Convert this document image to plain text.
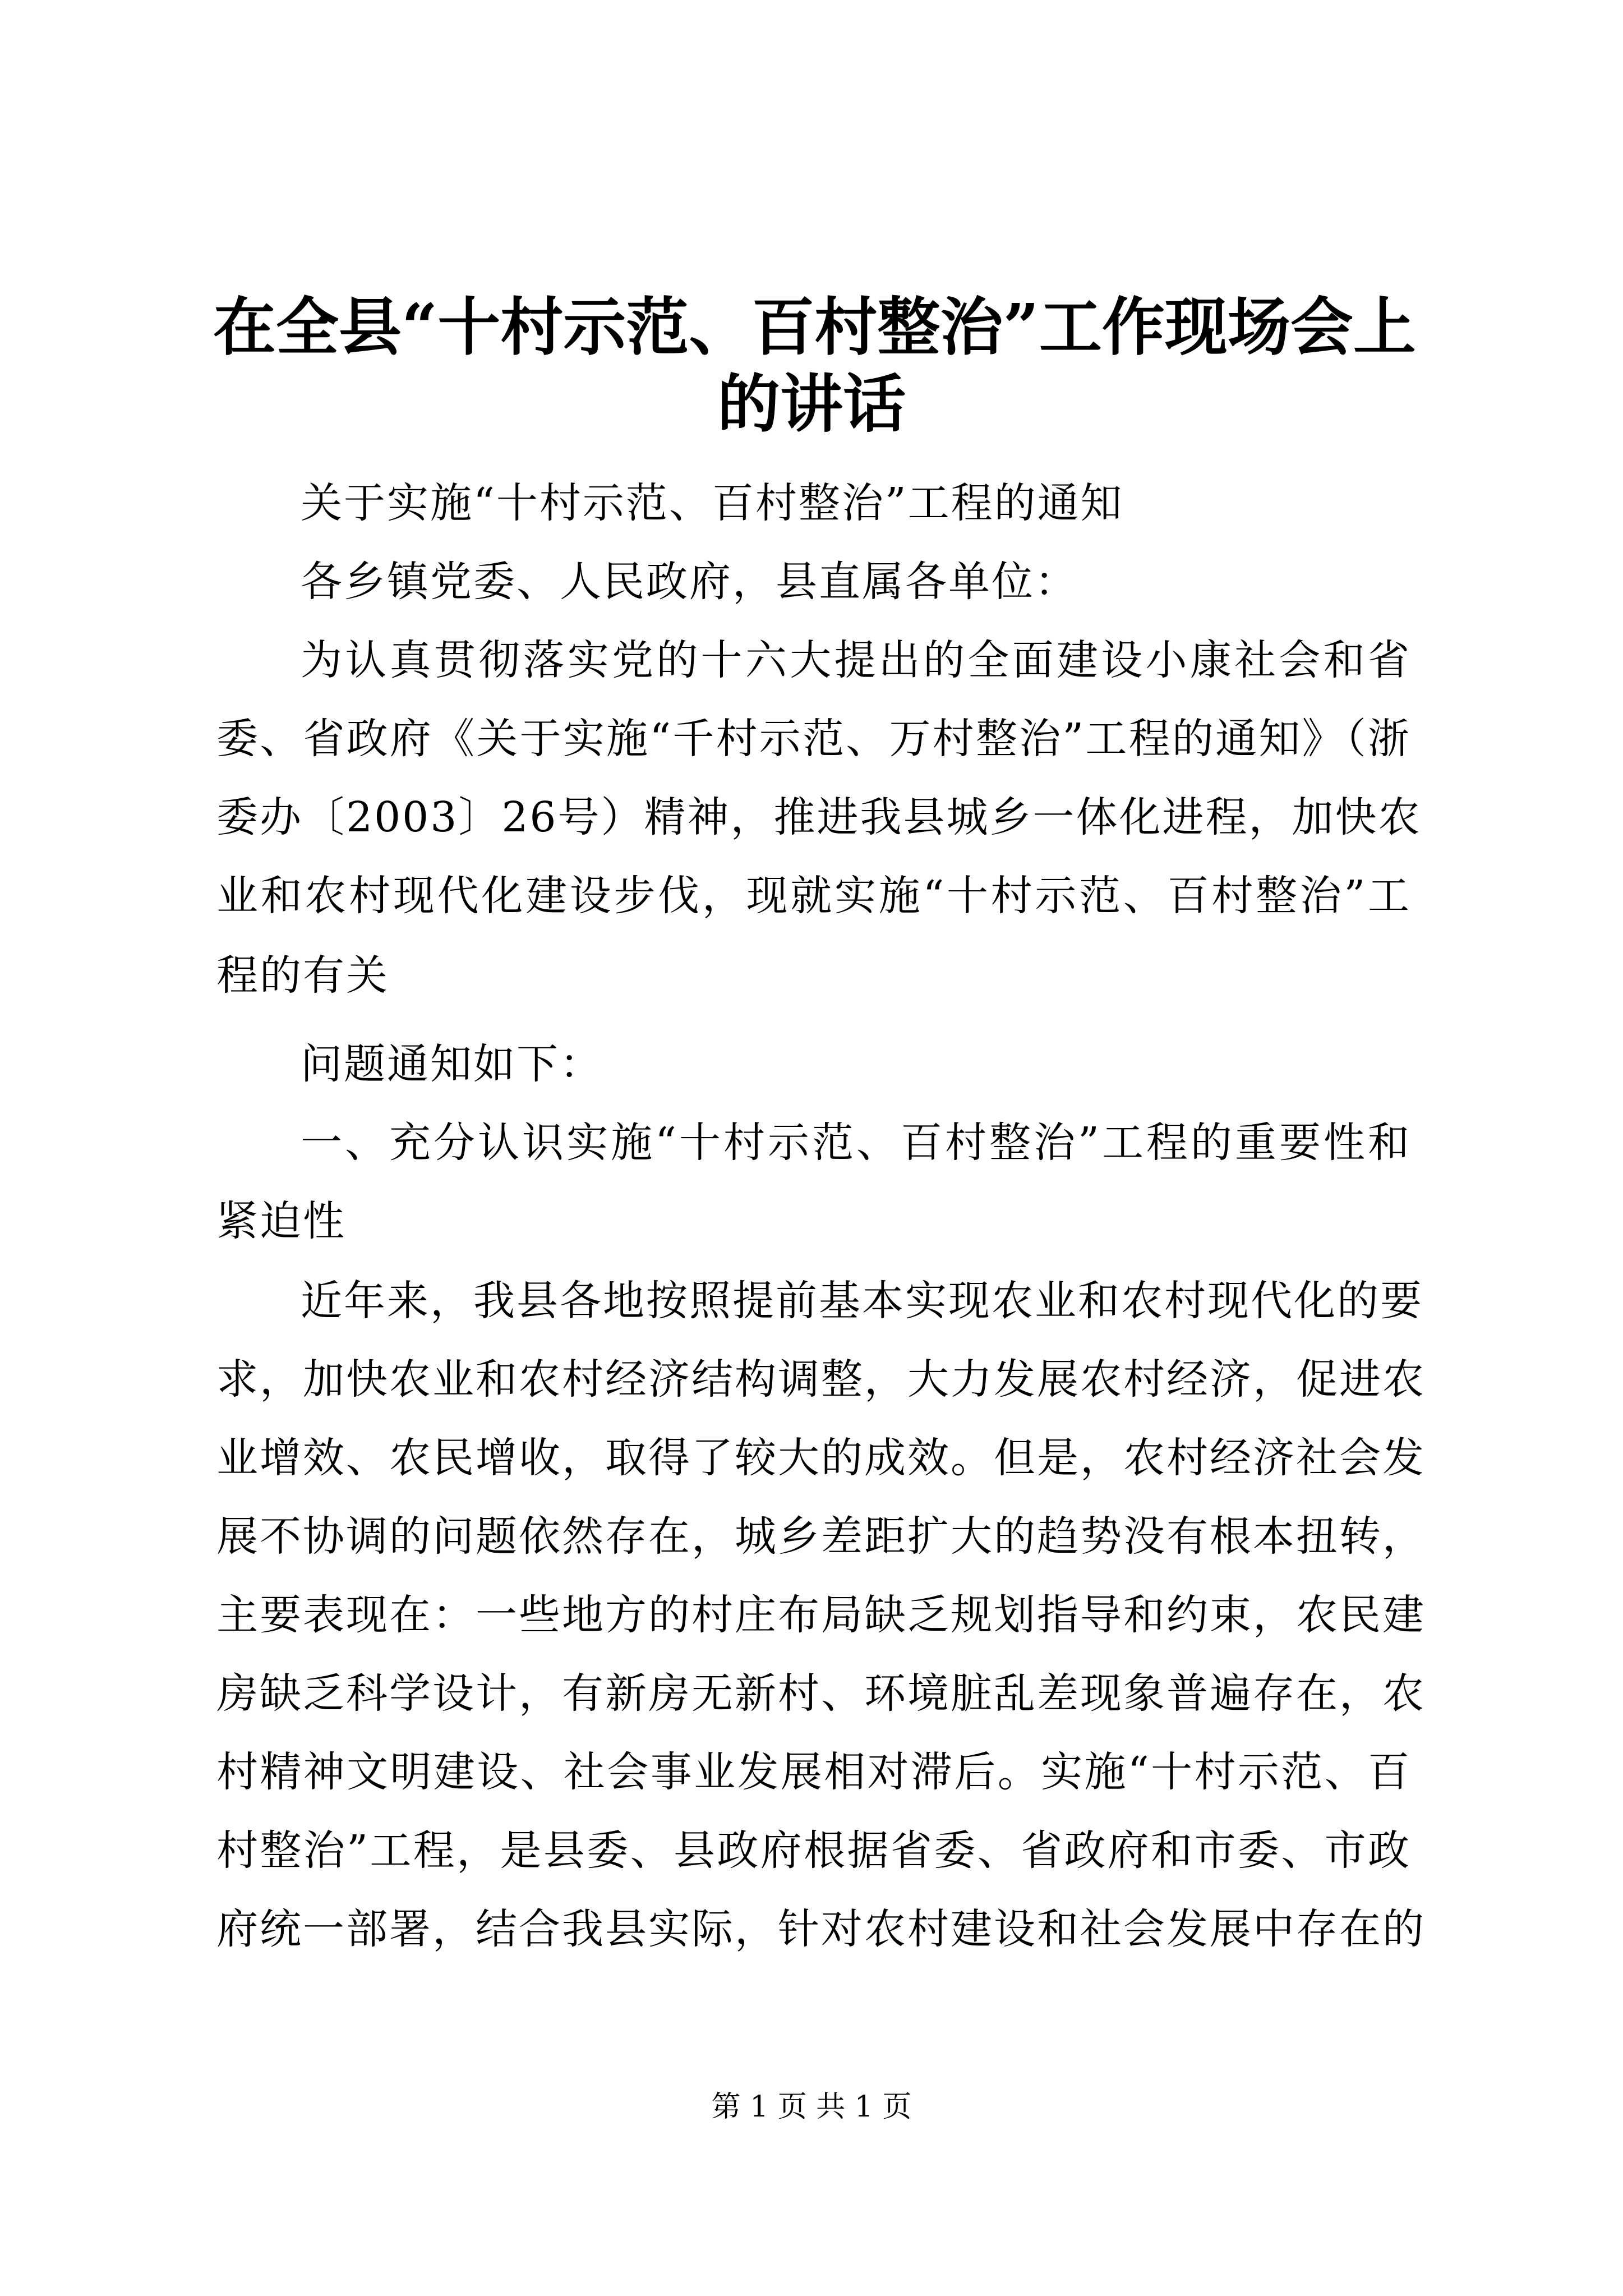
在全县“十村示范、百村整治”工作现场会上
的讲话
关于实施“十村示范、百村整治”工程的通知
各乡镇党委、人民政府，县直属各单位：
为认真贯彻落实党的十六大提出的全面建设小康社会和省
委、省政府《关于实施“千村示范、万村整治”工程的通知》（浙
委办〔2003〕26号）精神，推进我县城乡一体化进程，加快农
业和农村现代化建设步伐，现就实施“十村示范、百村整治”工
程的有关
问题通知如下：
一、充分认识实施“十村示范、百村整治”工程的重要性和
紧迫性
近年来，我县各地按照提前基本实现农业和农村现代化的要
求，加快农业和农村经济结构调整，大力发展农村经济，促进农
业增效、农民增收，取得了较大的成效。但是，农村经济社会发
展不协调的问题依然存在，城乡差距扩大的趋势没有根本扭转，
主要表现在：一些地方的村庄布局缺乏规划指导和约束，农民建
房缺乏科学设计，有新房无新村、环境脏乱差现象普遍存在，农
村精神文明建设、社会事业发展相对滞后。实施“十村示范、百
村整治”工程，是县委、县政府根据省委、省政府和市委、市政
府统一部署，结合我县实际，针对农村建设和社会发展中存在的
第 1 页 共 1 页
